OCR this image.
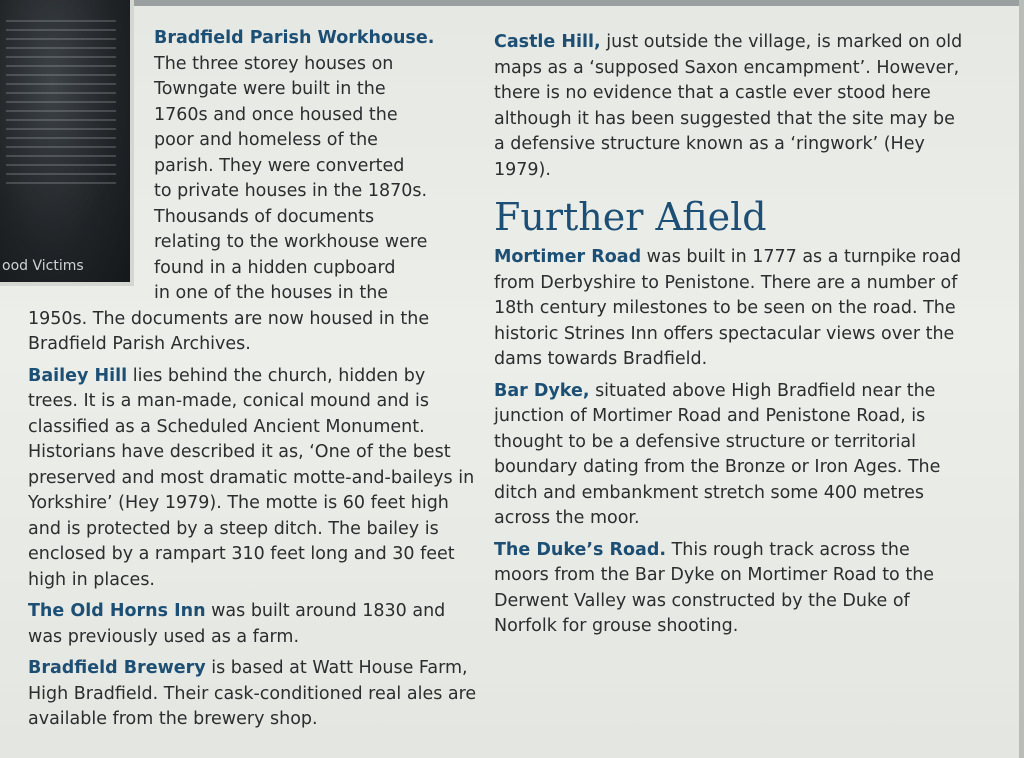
ood Victims
Bradfield Parish Workhouse.
The three storey houses on
Towngate were built in the
1760s and once housed the
poor and homeless of the
parish. They were converted
to private houses in the 1870s.
Thousands of documents
relating to the workhouse were
found in a hidden cupboard
in one of the houses in the
1950s. The documents are now housed in the

Bradfield Parish Archives.

Bailey Hill lies behind the church, hidden by trees. It is a man-made, conical mound and is classified as a Scheduled Ancient Monument. Historians have described it as, ‘One of the best preserved and most dramatic motte-and-baileys in Yorkshire’ (Hey 1979). The motte is 60 feet high and is protected by a steep ditch. The bailey is enclosed by a rampart 310 feet long and 30 feet high in places.

The Old Horns Inn was built around 1830 and was previously used as a farm.

Bradfield Brewery is based at Watt House Farm, High Bradfield. Their cask-conditioned real ales are available from the brewery shop.

Castle Hill, just outside the village, is marked on old maps as a ‘supposed Saxon encampment’. However, there is no evidence that a castle ever stood here although it has been suggested that the site may be a defensive structure known as a ‘ringwork’ (Hey 1979).

Further Afield

Mortimer Road was built in 1777 as a turnpike road from Derbyshire to Penistone. There are a number of 18th century milestones to be seen on the road. The historic Strines Inn offers spectacular views over the dams towards Bradfield.

Bar Dyke, situated above High Bradfield near the junction of Mortimer Road and Penistone Road, is thought to be a defensive structure or territorial boundary dating from the Bronze or Iron Ages. The ditch and embankment stretch some 400 metres across the moor.

The Duke’s Road. This rough track across the moors from the Bar Dyke on Mortimer Road to the Derwent Valley was constructed by the Duke of Norfolk for grouse shooting.
